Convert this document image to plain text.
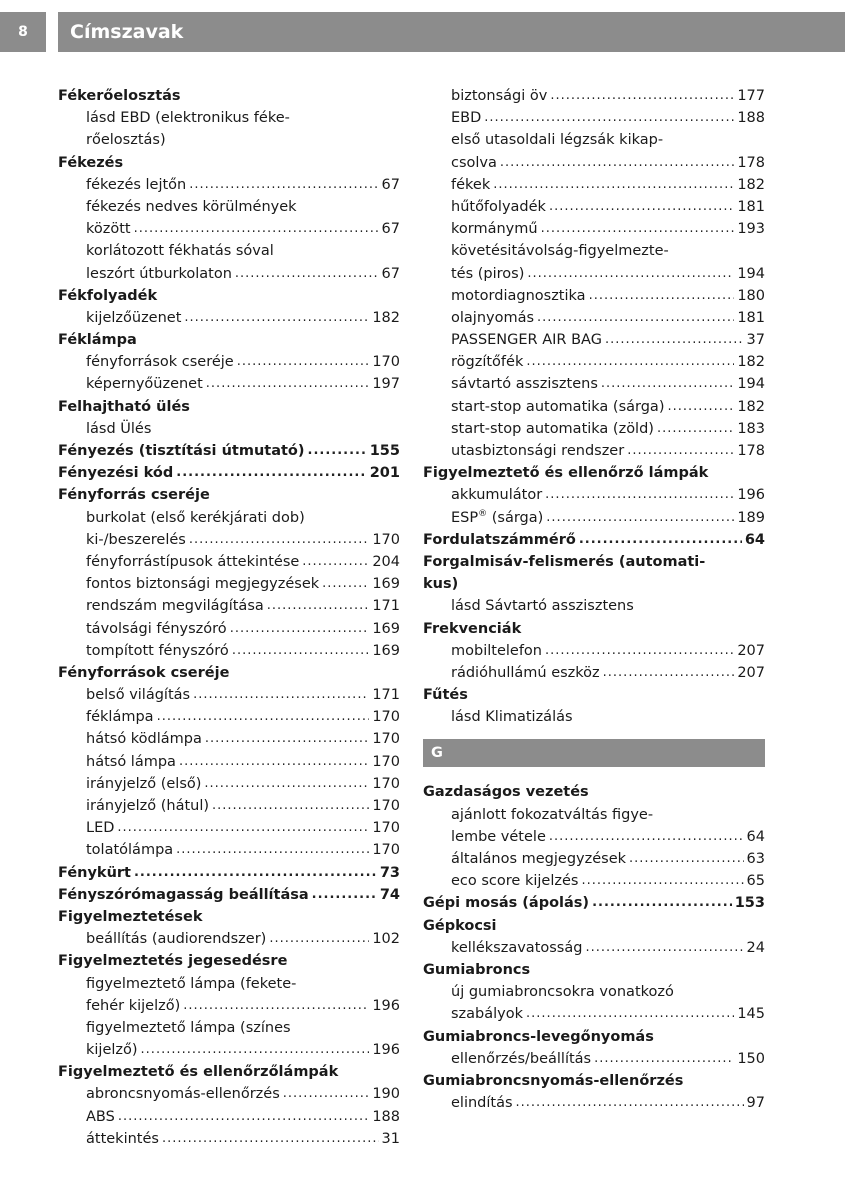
8	Címszavak
Fékerőelosztás
lásd EBD (elektronikus féke-
rőelosztás)
Fékezés
fékezés lejtőn .....	67
fékezés nedves körülmények
között .....	67
korlátozott fékhatás sóval
leszórt útburkolaton .....	67
Fékfolyadék
kijelzőüzenet .....	182
Féklámpa
fényforrások cseréje .....	170
képernyőüzenet .....	197
Felhajtható ülés
lásd Ülés
Fényezés (tisztítási útmutató) .....	155
Fényezési kód .....	201
Fényforrás cseréje
burkolat (első kerékjárati dob)
ki-/beszerelés .....	170
fényforrástípusok áttekintése .....	204
fontos biztonsági megjegyzések .....	169
rendszám megvilágítása .....	171
távolsági fényszóró .....	169
tompított fényszóró .....	169
Fényforrások cseréje
belső világítás .....	171
féklámpa .....	170
hátsó ködlámpa .....	170
hátsó lámpa .....	170
irányjelző (első) .....	170
irányjelző (hátul) .....	170
LED .....	170
tolatólámpa .....	170
Fénykürt .....	73
Fényszórómagasság beállítása .....	74
Figyelmeztetések
beállítás (audiorendszer) .....	102
Figyelmeztetés jegesedésre
figyelmeztető lámpa (fekete-
fehér kijelző) .....	196
figyelmeztető lámpa (színes
kijelző) .....	196
Figyelmeztető és ellenőrzőlámpák
abroncsnyomás-ellenőrzés .....	190
ABS .....	188
áttekintés .....	31
biztonsági öv .....	177
EBD .....	188
első utasoldali légzsák kikap-
csolva .....	178
fékek .....	182
hűtőfolyadék .....	181
kormánymű .....	193
követésitávolság-figyelmezte-
tés (piros) .....	194
motordiagnosztika .....	180
olajnyomás .....	181
PASSENGER AIR BAG .....	37
rögzítőfék .....	182
sávtartó asszisztens .....	194
start-stop automatika (sárga) .....	182
start-stop automatika (zöld) .....	183
utasbiztonsági rendszer .....	178
Figyelmeztető és ellenőrző lámpák
akkumulátor .....	196
ESP® (sárga) .....	189
Fordulatszámmérő .....	64
Forgalmisáv-felismerés (automati-
kus)
lásd Sávtartó asszisztens
Frekvenciák
mobiltelefon .....	207
rádióhullámú eszköz .....	207
Fűtés
lásd Klimatizálás
G
Gazdaságos vezetés
ajánlott fokozatváltás figye-
lembe vétele .....	64
általános megjegyzések .....	63
eco score kijelzés .....	65
Gépi mosás (ápolás) .....	153
Gépkocsi
kellékszavatosság .....	24
Gumiabroncs
új gumiabroncsokra vonatkozó
szabályok .....	145
Gumiabroncs-levegőnyomás
ellenőrzés/beállítás .....	150
Gumiabroncsnyomás-ellenőrzés
elindítás .....	97
